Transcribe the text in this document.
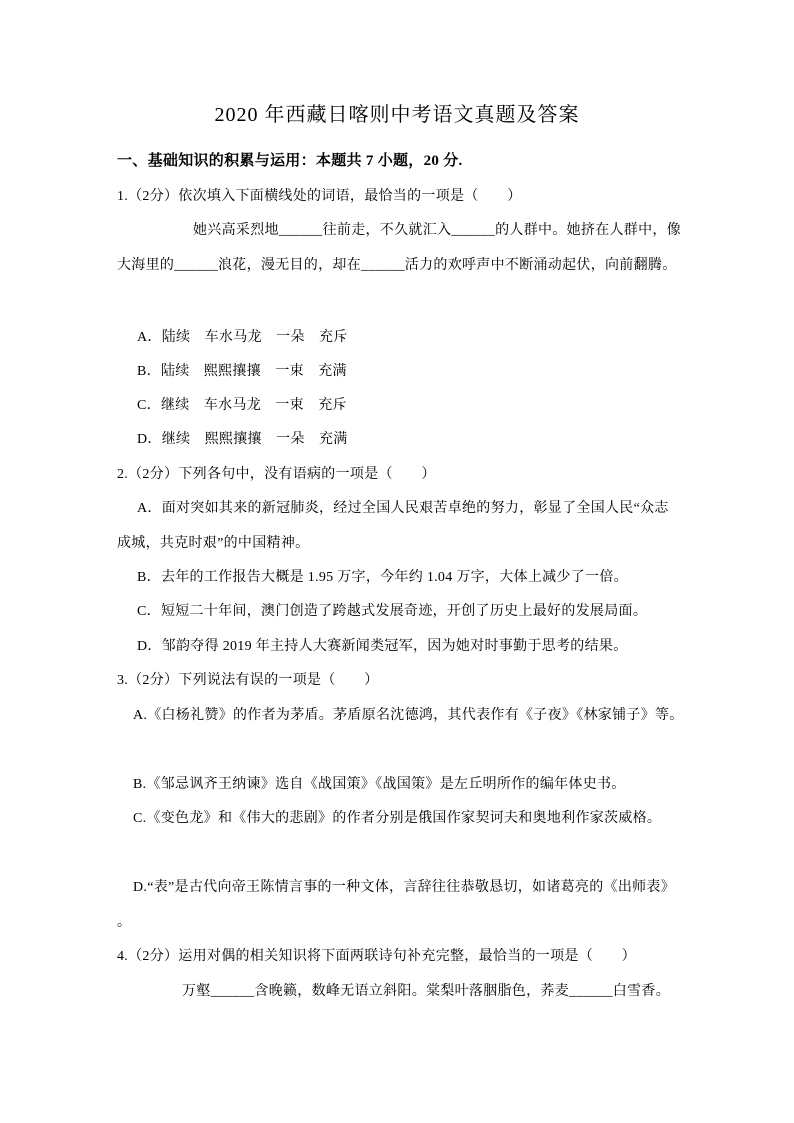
2020 年西藏日喀则中考语文真题及答案
一、基础知识的积累与运用：本题共 7 小题，20 分.
1.（2分）依次填入下面横线处的词语，最恰当的一项是（　　）
她兴高采烈地______往前走，不久就汇入______的人群中。她挤在人群中，像
大海里的______浪花，漫无目的，却在______活力的欢呼声中不断涌动起伏，向前翻腾。
A．陆续　车水马龙　一朵　充斥
B．陆续　熙熙攘攘　一束　充满
C．继续　车水马龙　一束　充斥
D．继续　熙熙攘攘　一朵　充满
2.（2分）下列各句中，没有语病的一项是（　　）
A．面对突如其来的新冠肺炎，经过全国人民艰苦卓绝的努力，彰显了全国人民“众志
成城，共克时艰”的中国精神。
B．去年的工作报告大概是 1.95 万字，今年约 1.04 万字，大体上减少了一倍。
C．短短二十年间，澳门创造了跨越式发展奇迹，开创了历史上最好的发展局面。
D．邹韵夺得 2019 年主持人大赛新闻类冠军，因为她对时事勤于思考的结果。
3.（2分）下列说法有误的一项是（　　）
A.《白杨礼赞》的作者为茅盾。茅盾原名沈德鸿，其代表作有《子夜》《林家铺子》等。
B.《邹忌讽齐王纳谏》选自《战国策》《战国策》是左丘明所作的编年体史书。
C.《变色龙》和《伟大的悲剧》的作者分别是俄国作家契诃夫和奥地利作家茨威格。
D.“表”是古代向帝王陈情言事的一种文体，言辞往往恭敬恳切，如诸葛亮的《出师表》
。
4.（2分）运用对偶的相关知识将下面两联诗句补充完整，最恰当的一项是（　　）
万壑______含晚籁，数峰无语立斜阳。棠梨叶落胭脂色，荞麦______白雪香。
